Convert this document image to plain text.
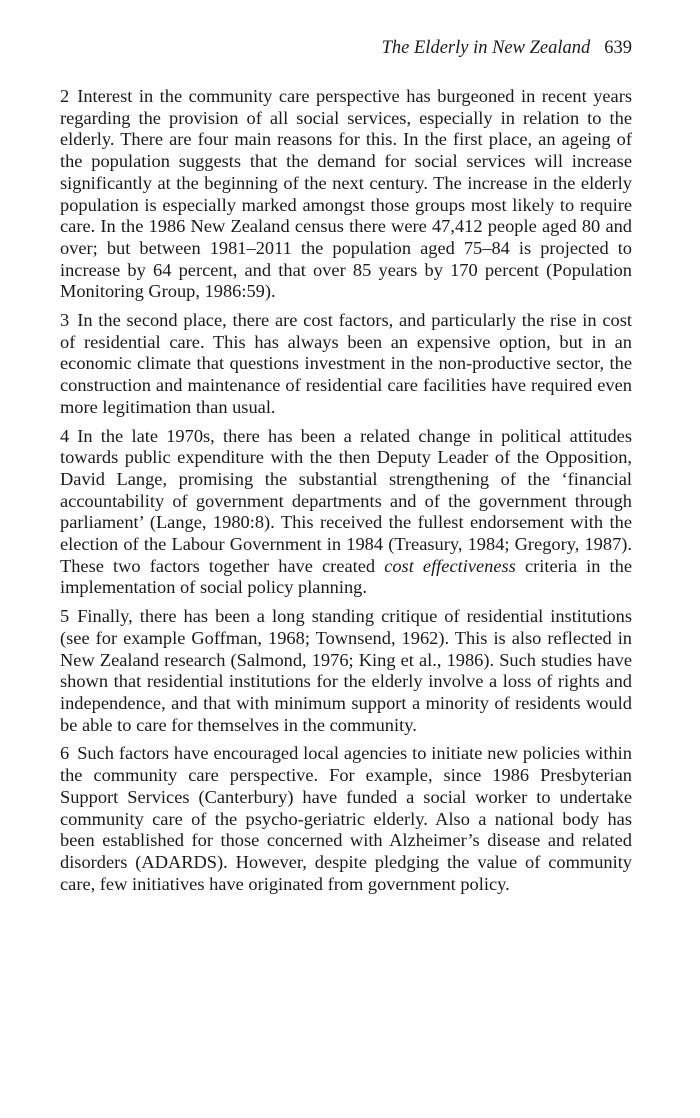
The Elderly in New Zealand 639

2 Interest in the community care perspective has burgeoned in recent years regarding the provision of all social services, especially in relation to the elderly. There are four main reasons for this. In the first place, an ageing of the population suggests that the demand for social services will increase significantly at the beginning of the next century. The increase in the elderly population is especially marked amongst those groups most likely to require care. In the 1986 New Zealand census there were 47,412 people aged 80 and over; but between 1981–2011 the population aged 75–84 is projected to increase by 64 percent, and that over 85 years by 170 percent (Population Monitoring Group, 1986:59).

3 In the second place, there are cost factors, and particularly the rise in cost of residential care. This has always been an expensive option, but in an economic climate that questions investment in the non-productive sector, the construction and maintenance of residential care facilities have required even more legitimation than usual.

4 In the late 1970s, there has been a related change in political attitudes towards public expenditure with the then Deputy Leader of the Opposition, David Lange, promising the substantial strengthening of the ‘financial accountability of government departments and of the government through parliament’ (Lange, 1980:8). This received the fullest endorsement with the election of the Labour Government in 1984 (Treasury, 1984; Gregory, 1987). These two factors together have created cost effectiveness criteria in the implementation of social policy planning.

5 Finally, there has been a long standing critique of residential institutions (see for example Goffman, 1968; Townsend, 1962). This is also reflected in New Zealand research (Salmond, 1976; King et al., 1986). Such studies have shown that residential institutions for the elderly involve a loss of rights and independence, and that with minimum support a minority of residents would be able to care for themselves in the community.

6 Such factors have encouraged local agencies to initiate new policies within the community care perspective. For example, since 1986 Presbyterian Support Services (Canterbury) have funded a social worker to undertake community care of the psycho-geriatric elderly. Also a national body has been established for those concerned with Alzheimer’s disease and related disorders (ADARDS). However, despite pledging the value of community care, few initiatives have originated from government policy.
